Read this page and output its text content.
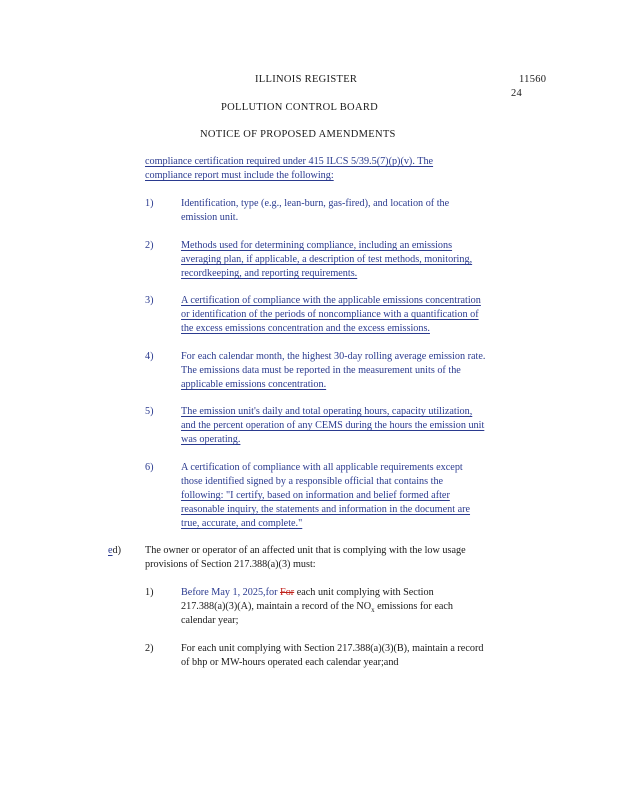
ILLINOIS REGISTER	11560
24
POLLUTION CONTROL BOARD
NOTICE OF PROPOSED AMENDMENTS
compliance certification required under 415 ILCS 5/39.5(7)(p)(v). The
compliance report must include the following:
1)	Identification, type (e.g., lean-burn, gas-fired), and location of the
emission unit.
2)	Methods used for determining compliance, including an emissions
averaging plan, if applicable, a description of test methods, monitoring,
recordkeeping, and reporting requirements.
3)	A certification of compliance with the applicable emissions concentration
or identification of the periods of noncompliance with a quantification of
the excess emissions concentration and the excess emissions.
4)	For each calendar month, the highest 30-day rolling average emission rate.
The emissions data must be reported in the measurement units of the
applicable emissions concentration.
5)	The emission unit's daily and total operating hours, capacity utilization,
and the percent operation of any CEMS during the hours the emission unit
was operating.
6)	A certification of compliance with all applicable requirements except
those identified signed by a responsible official that contains the
following: "I certify, based on information and belief formed after
reasonable inquiry, the statements and information in the document are
true, accurate, and complete."
ed) The owner or operator of an affected unit that is complying with the low usage
provisions of Section 217.388(a)(3) must:
1)	Before May 1, 2025,for For each unit complying with Section
217.388(a)(3)(A), maintain a record of the $NO_x$ emissions for each
calendar year;
2)	For each unit complying with Section 217.388(a)(3)(B), maintain a record
of bhp or MW-hours operated each calendar year;and
